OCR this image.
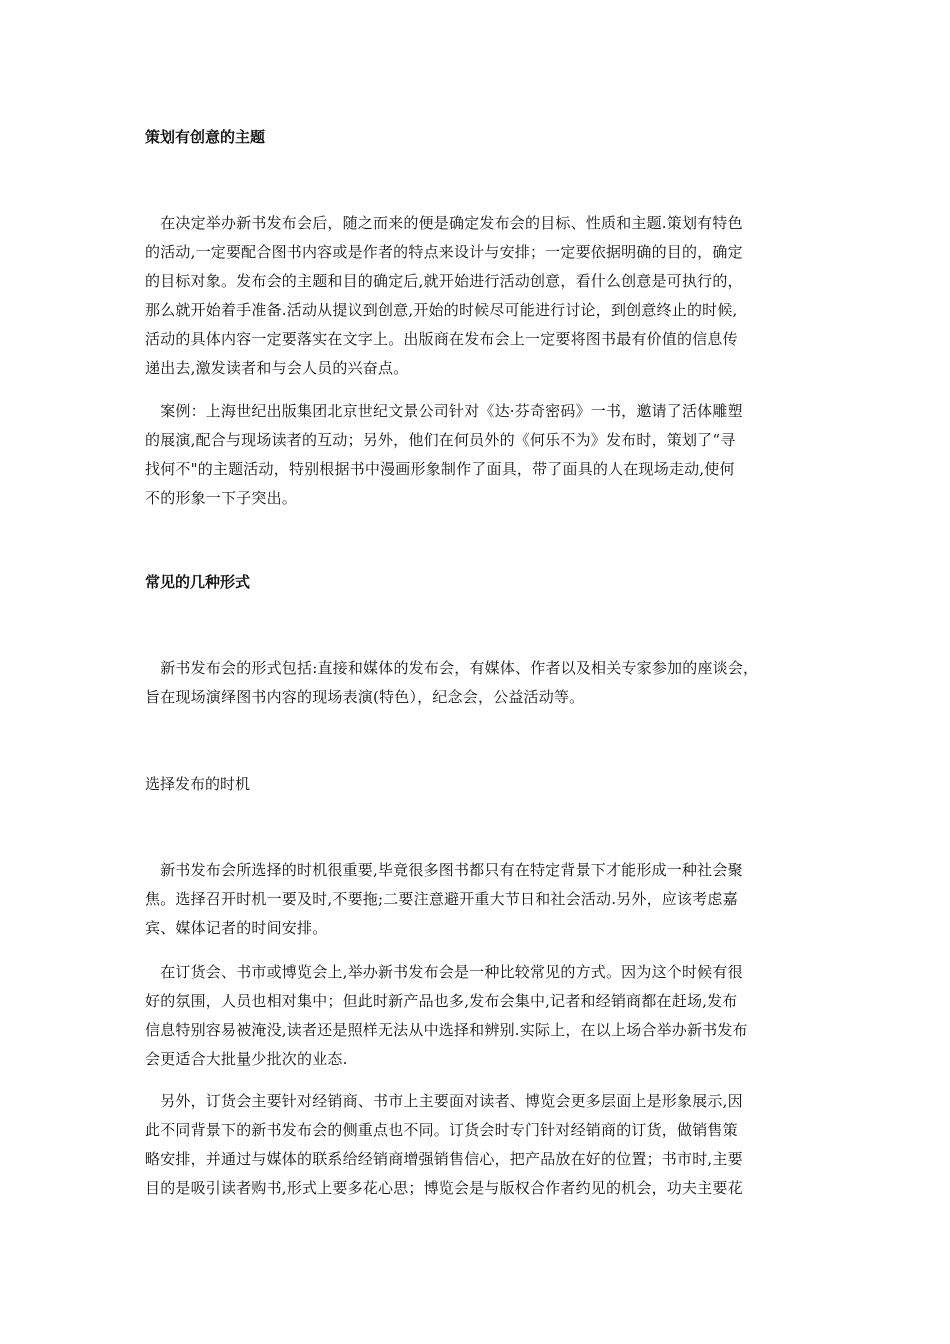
策划有创意的主题
　在决定举办新书发布会后，随之而来的便是确定发布会的目标、性质和主题.策划有特色
的活动,一定要配合图书内容或是作者的特点来设计与安排；一定要依据明确的目的，确定
的目标对象。发布会的主题和目的确定后,就开始进行活动创意，看什么创意是可执行的，
那么就开始着手准备.活动从提议到创意,开始的时候尽可能进行讨论，到创意终止的时候,
活动的具体内容一定要落实在文字上。出版商在发布会上一定要将图书最有价值的信息传
递出去,激发读者和与会人员的兴奋点。
　案例：上海世纪出版集团北京世纪文景公司针对《达·芬奇密码》一书，邀请了活体雕塑
的展演,配合与现场读者的互动；另外，他们在何员外的《何乐不为》发布时，策划了“寻
找何不"的主题活动，特别根据书中漫画形象制作了面具，带了面具的人在现场走动,使何
不的形象一下子突出。
常见的几种形式
　新书发布会的形式包括:直接和媒体的发布会，有媒体、作者以及相关专家参加的座谈会，
旨在现场演绎图书内容的现场表演(特色），纪念会，公益活动等。
选择发布的时机
　新书发布会所选择的时机很重要,毕竟很多图书都只有在特定背景下才能形成一种社会聚
焦。选择召开时机一要及时,不要拖;二要注意避开重大节日和社会活动.另外，应该考虑嘉
宾、媒体记者的时间安排。
　在订货会、书市或博览会上,举办新书发布会是一种比较常见的方式。因为这个时候有很
好的氛围，人员也相对集中；但此时新产品也多,发布会集中,记者和经销商都在赶场,发布
信息特别容易被淹没,读者还是照样无法从中选择和辨别.实际上，在以上场合举办新书发布
会更适合大批量少批次的业态.
　另外，订货会主要针对经销商、书市上主要面对读者、博览会更多层面上是形象展示,因
此不同背景下的新书发布会的侧重点也不同。订货会时专门针对经销商的订货，做销售策
略安排，并通过与媒体的联系给经销商增强销售信心，把产品放在好的位置；书市时,主要
目的是吸引读者购书,形式上要多花心思；博览会是与版权合作者约见的机会，功夫主要花
